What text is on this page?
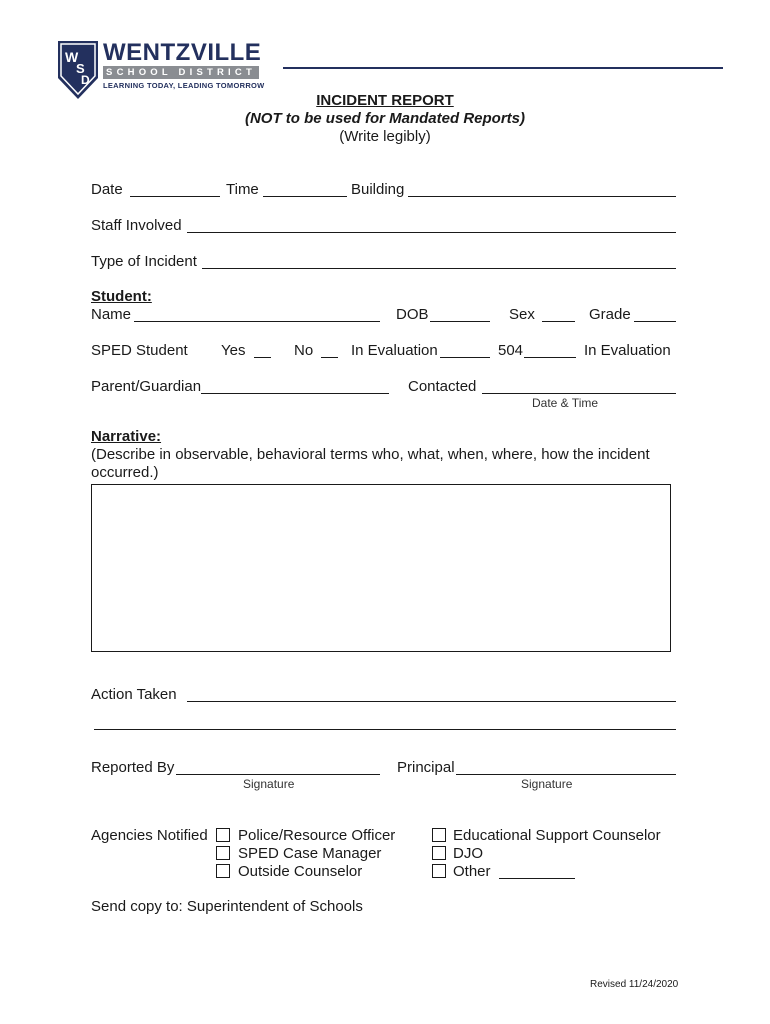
W
S
D
WENTZVILLE
SCHOOL DISTRICT
LEARNING TODAY, LEADING TOMORROW
INCIDENT REPORT
(NOT to be used for Mandated Reports)
(Write legibly)
Date	Time	Building
Staff Involved
Type of Incident
Student:
Name	DOB	Sex	Grade
SPED Student Yes	No	In Evaluation	504	In Evaluation
Parent/Guardian	Contacted
Date & Time
Narrative:
(Describe in observable, behavioral terms who, what, when, where, how the incident
occurred.)
Action Taken
Reported By
Signature
Principal
Signature
Agencies Notified Police/Resource Officer
SPED Case Manager
Outside Counselor
Educational Support Counselor
DJO
Other
Send copy to: Superintendent of Schools
Revised 11/24/2020
